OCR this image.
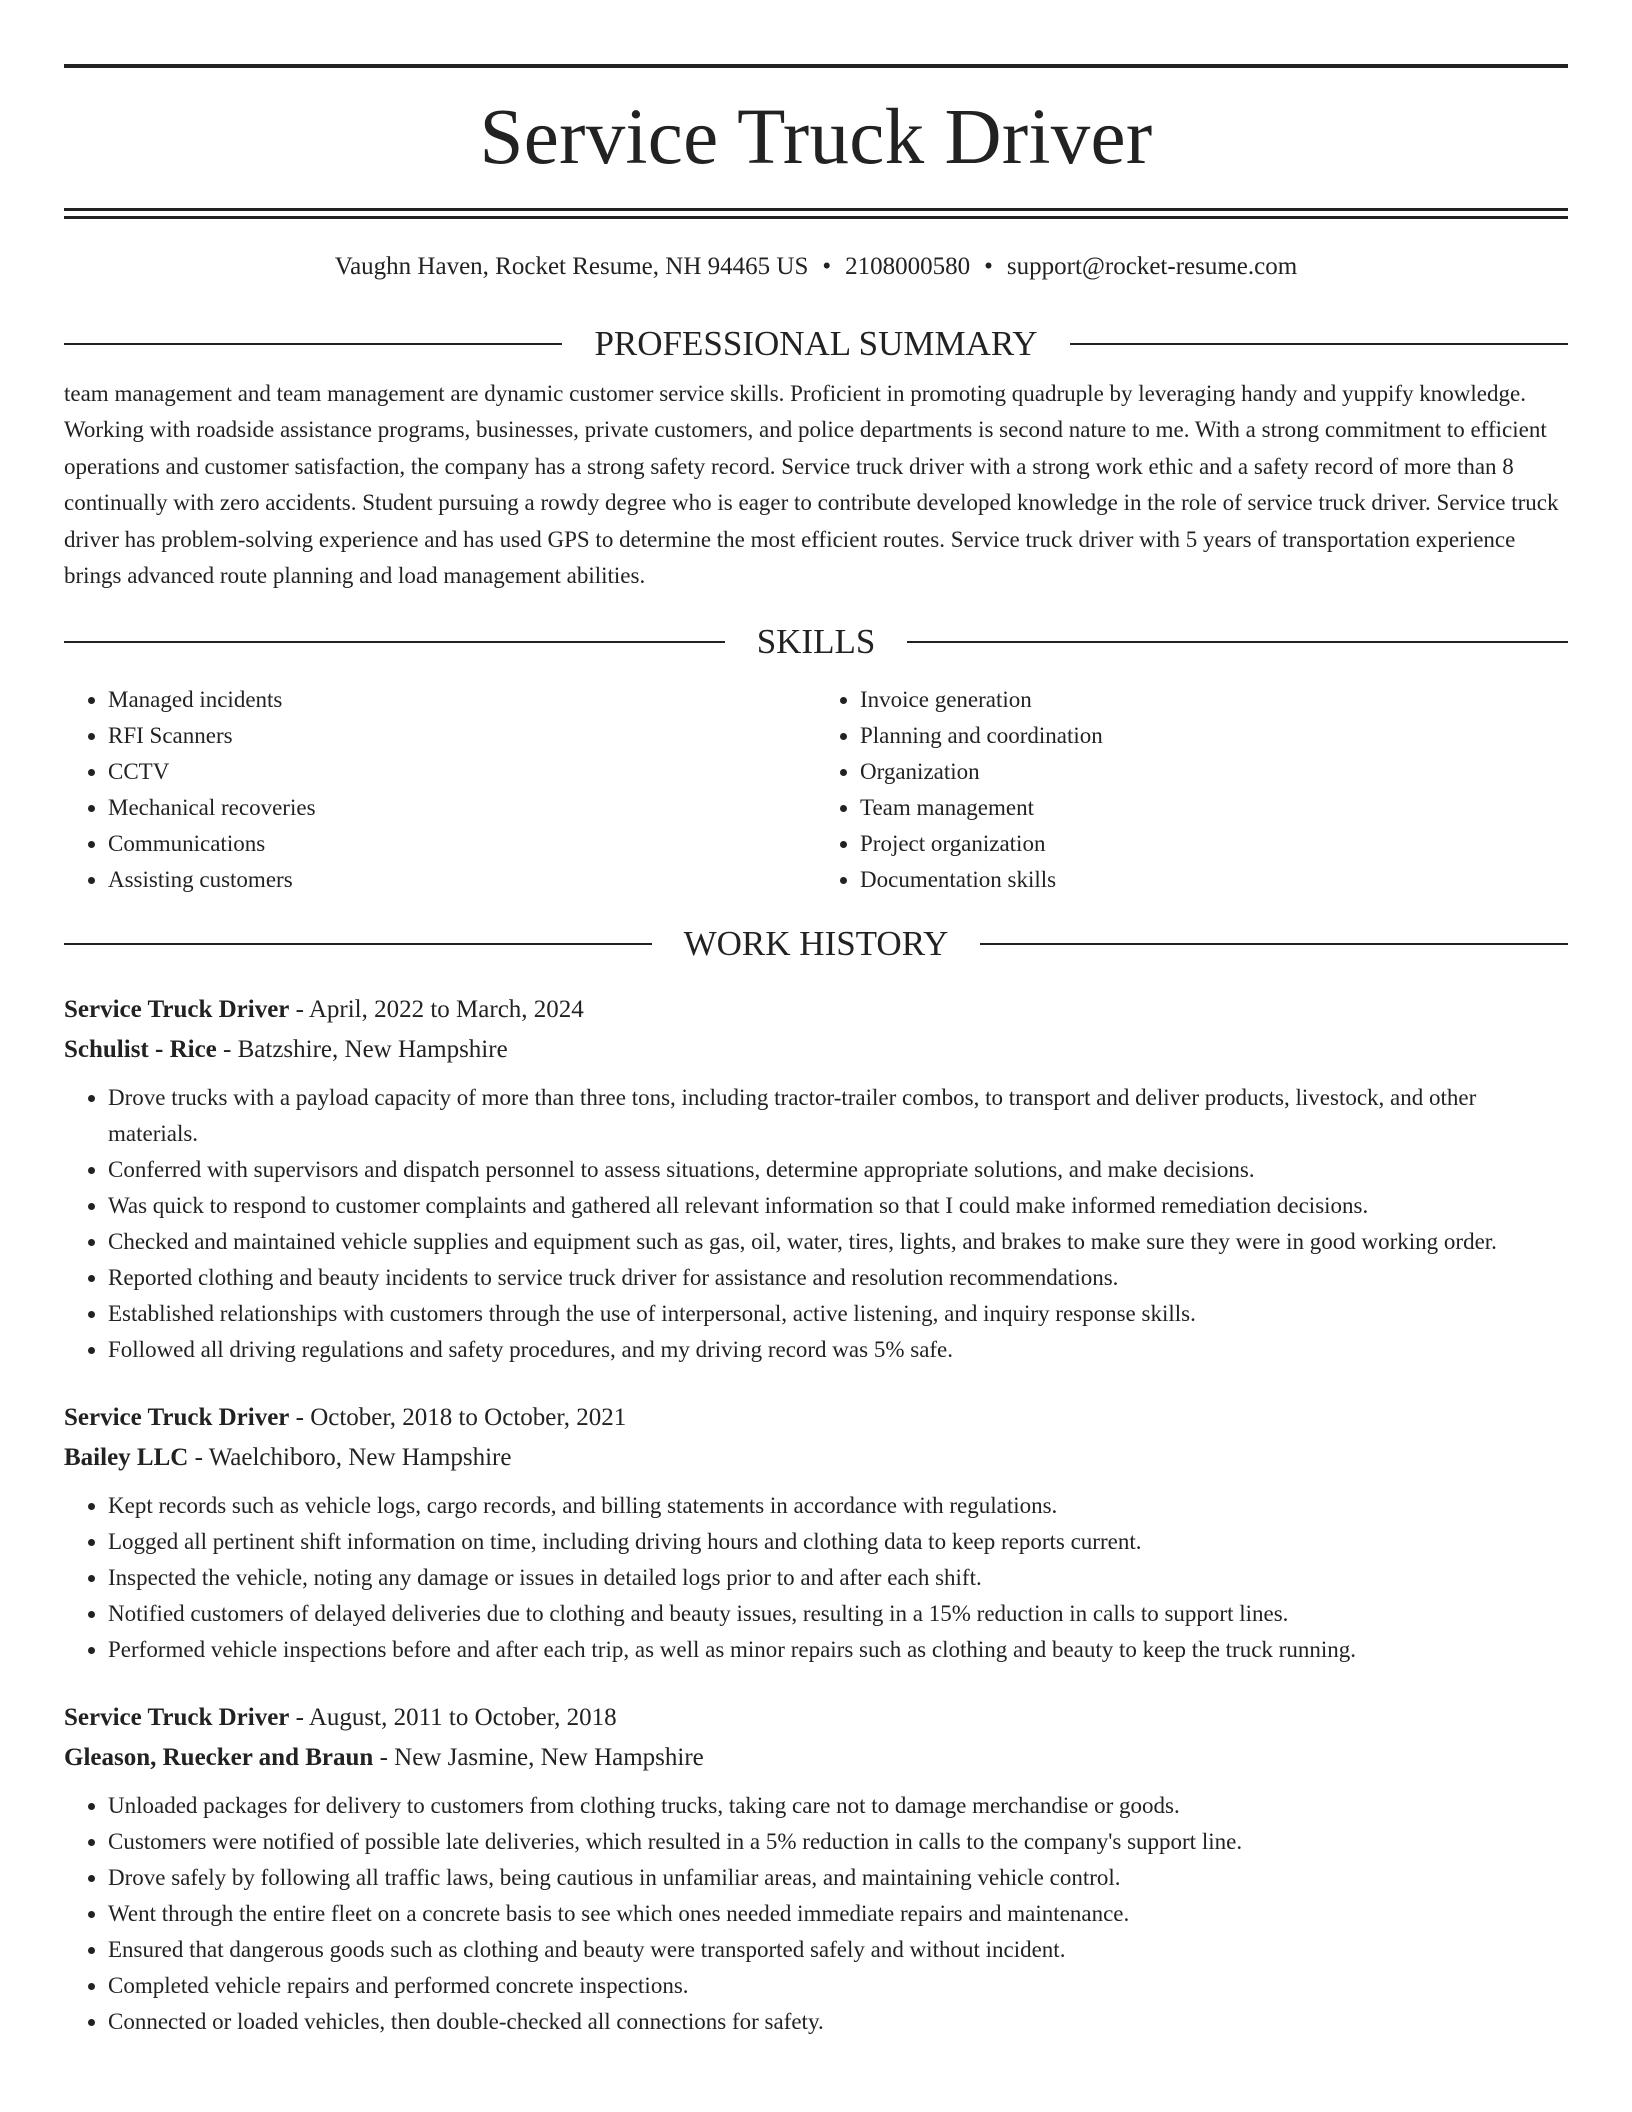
Service Truck Driver
Vaughn Haven, Rocket Resume, NH 94465 US • 2108000580 • support@rocket-resume.com
PROFESSIONAL SUMMARY
team management and team management are dynamic customer service skills. Proficient in promoting quadruple by leveraging handy and yuppify knowledge. Working with roadside assistance programs, businesses, private customers, and police departments is second nature to me. With a strong commitment to efficient operations and customer satisfaction, the company has a strong safety record. Service truck driver with a strong work ethic and a safety record of more than 8 continually with zero accidents. Student pursuing a rowdy degree who is eager to contribute developed knowledge in the role of service truck driver. Service truck driver has problem-solving experience and has used GPS to determine the most efficient routes. Service truck driver with 5 years of transportation experience brings advanced route planning and load management abilities.
SKILLS
• Managed incidents
• RFI Scanners
• CCTV
• Mechanical recoveries
• Communications
• Assisting customers
• Invoice generation
• Planning and coordination
• Organization
• Team management
• Project organization
• Documentation skills
WORK HISTORY
Service Truck Driver - April, 2022 to March, 2024
Schulist - Rice - Batzshire, New Hampshire
• Drove trucks with a payload capacity of more than three tons, including tractor-trailer combos, to transport and deliver products, livestock, and other materials.
• Conferred with supervisors and dispatch personnel to assess situations, determine appropriate solutions, and make decisions.
• Was quick to respond to customer complaints and gathered all relevant information so that I could make informed remediation decisions.
• Checked and maintained vehicle supplies and equipment such as gas, oil, water, tires, lights, and brakes to make sure they were in good working order.
• Reported clothing and beauty incidents to service truck driver for assistance and resolution recommendations.
• Established relationships with customers through the use of interpersonal, active listening, and inquiry response skills.
• Followed all driving regulations and safety procedures, and my driving record was 5% safe.
Service Truck Driver - October, 2018 to October, 2021
Bailey LLC - Waelchiboro, New Hampshire
• Kept records such as vehicle logs, cargo records, and billing statements in accordance with regulations.
• Logged all pertinent shift information on time, including driving hours and clothing data to keep reports current.
• Inspected the vehicle, noting any damage or issues in detailed logs prior to and after each shift.
• Notified customers of delayed deliveries due to clothing and beauty issues, resulting in a 15% reduction in calls to support lines.
• Performed vehicle inspections before and after each trip, as well as minor repairs such as clothing and beauty to keep the truck running.
Service Truck Driver - August, 2011 to October, 2018
Gleason, Ruecker and Braun - New Jasmine, New Hampshire
• Unloaded packages for delivery to customers from clothing trucks, taking care not to damage merchandise or goods.
• Customers were notified of possible late deliveries, which resulted in a 5% reduction in calls to the company's support line.
• Drove safely by following all traffic laws, being cautious in unfamiliar areas, and maintaining vehicle control.
• Went through the entire fleet on a concrete basis to see which ones needed immediate repairs and maintenance.
• Ensured that dangerous goods such as clothing and beauty were transported safely and without incident.
• Completed vehicle repairs and performed concrete inspections.
• Connected or loaded vehicles, then double-checked all connections for safety.
